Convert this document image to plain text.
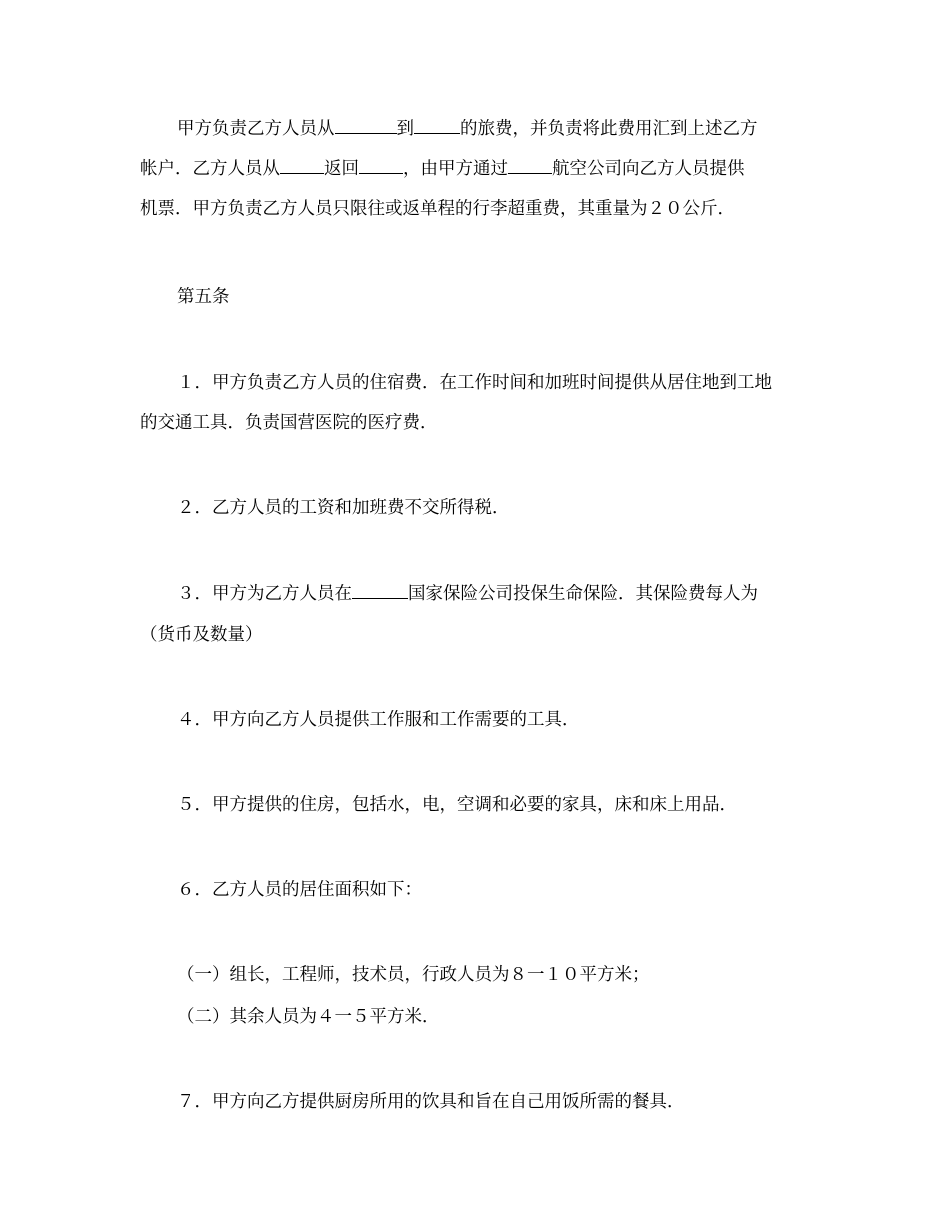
甲方负责乙方人员从	到	的旅费，并负责将此费用汇到上述乙方
帐户．乙方人员从	返回	，由甲方通过	航空公司向乙方人员提供
机票．甲方负责乙方人员只限往或返单程的行李超重费，其重量为２０公斤．
第五条
１．甲方负责乙方人员的住宿费．在工作时间和加班时间提供从居住地到工地
的交通工具．负责国营医院的医疗费．
２．乙方人员的工资和加班费不交所得税．
３．甲方为乙方人员在	国家保险公司投保生命保险．其保险费每人为
（货币及数量）
４．甲方向乙方人员提供工作服和工作需要的工具．
５．甲方提供的住房，包括水，电，空调和必要的家具，床和床上用品．
６．乙方人员的居住面积如下：
（一）组长，工程师，技术员，行政人员为８一１０平方米；
（二）其余人员为４一５平方米．
７．甲方向乙方提供厨房所用的饮具和旨在自己用饭所需的餐具．
